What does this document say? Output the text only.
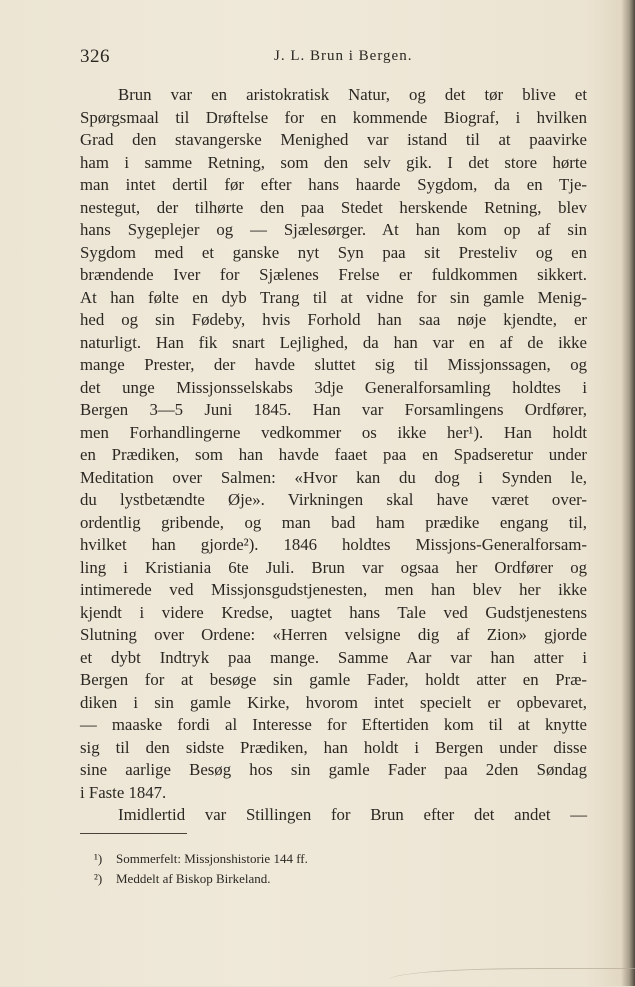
326	J. L. Brun i Bergen.

Brun var en aristokratisk Natur, og det tør blive et
Spørgsmaal til Drøftelse for en kommende Biograf, i hvilken
Grad den stavangerske Menighed var istand til at paavirke
ham i samme Retning, som den selv gik. I det store hørte
man intet dertil før efter hans haarde Sygdom, da en Tje-
nestegut, der tilhørte den paa Stedet herskende Retning, blev
hans Sygeplejer og — Sjælesørger. At han kom op af sin
Sygdom med et ganske nyt Syn paa sit Presteliv og en
brændende Iver for Sjælenes Frelse er fuldkommen sikkert.
At han følte en dyb Trang til at vidne for sin gamle Menig-
hed og sin Fødeby, hvis Forhold han saa nøje kjendte, er
naturligt. Han fik snart Lejlighed, da han var en af de ikke
mange Prester, der havde sluttet sig til Missjonssagen, og
det unge Missjonsselskabs 3dje Generalforsamling holdtes i
Bergen 3—5 Juni 1845. Han var Forsamlingens Ordfører,
men Forhandlingerne vedkommer os ikke her¹). Han holdt
en Prædiken, som han havde faaet paa en Spadseretur under
Meditation over Salmen: «Hvor kan du dog i Synden le,
du lystbetændte Øje». Virkningen skal have været over-
ordentlig gribende, og man bad ham prædike engang til,
hvilket han gjorde²). 1846 holdtes Missjons-Generalforsam-
ling i Kristiania 6te Juli. Brun var ogsaa her Ordfører og
intimerede ved Missjonsgudstjenesten, men han blev her ikke
kjendt i videre Kredse, uagtet hans Tale ved Gudstjenestens
Slutning over Ordene: «Herren velsigne dig af Zion» gjorde
et dybt Indtryk paa mange. Samme Aar var han atter i
Bergen for at besøge sin gamle Fader, holdt atter en Præ-
diken i sin gamle Kirke, hvorom intet specielt er opbevaret,
— maaske fordi al Interesse for Eftertiden kom til at knytte
sig til den sidste Prædiken, han holdt i Bergen under disse
sine aarlige Besøg hos sin gamle Fader paa 2den Søndag
i Faste 1847.
Imidlertid var Stillingen for Brun efter det andet —

¹) Sommerfelt: Missjonshistorie 144 ff.
²) Meddelt af Biskop Birkeland.
